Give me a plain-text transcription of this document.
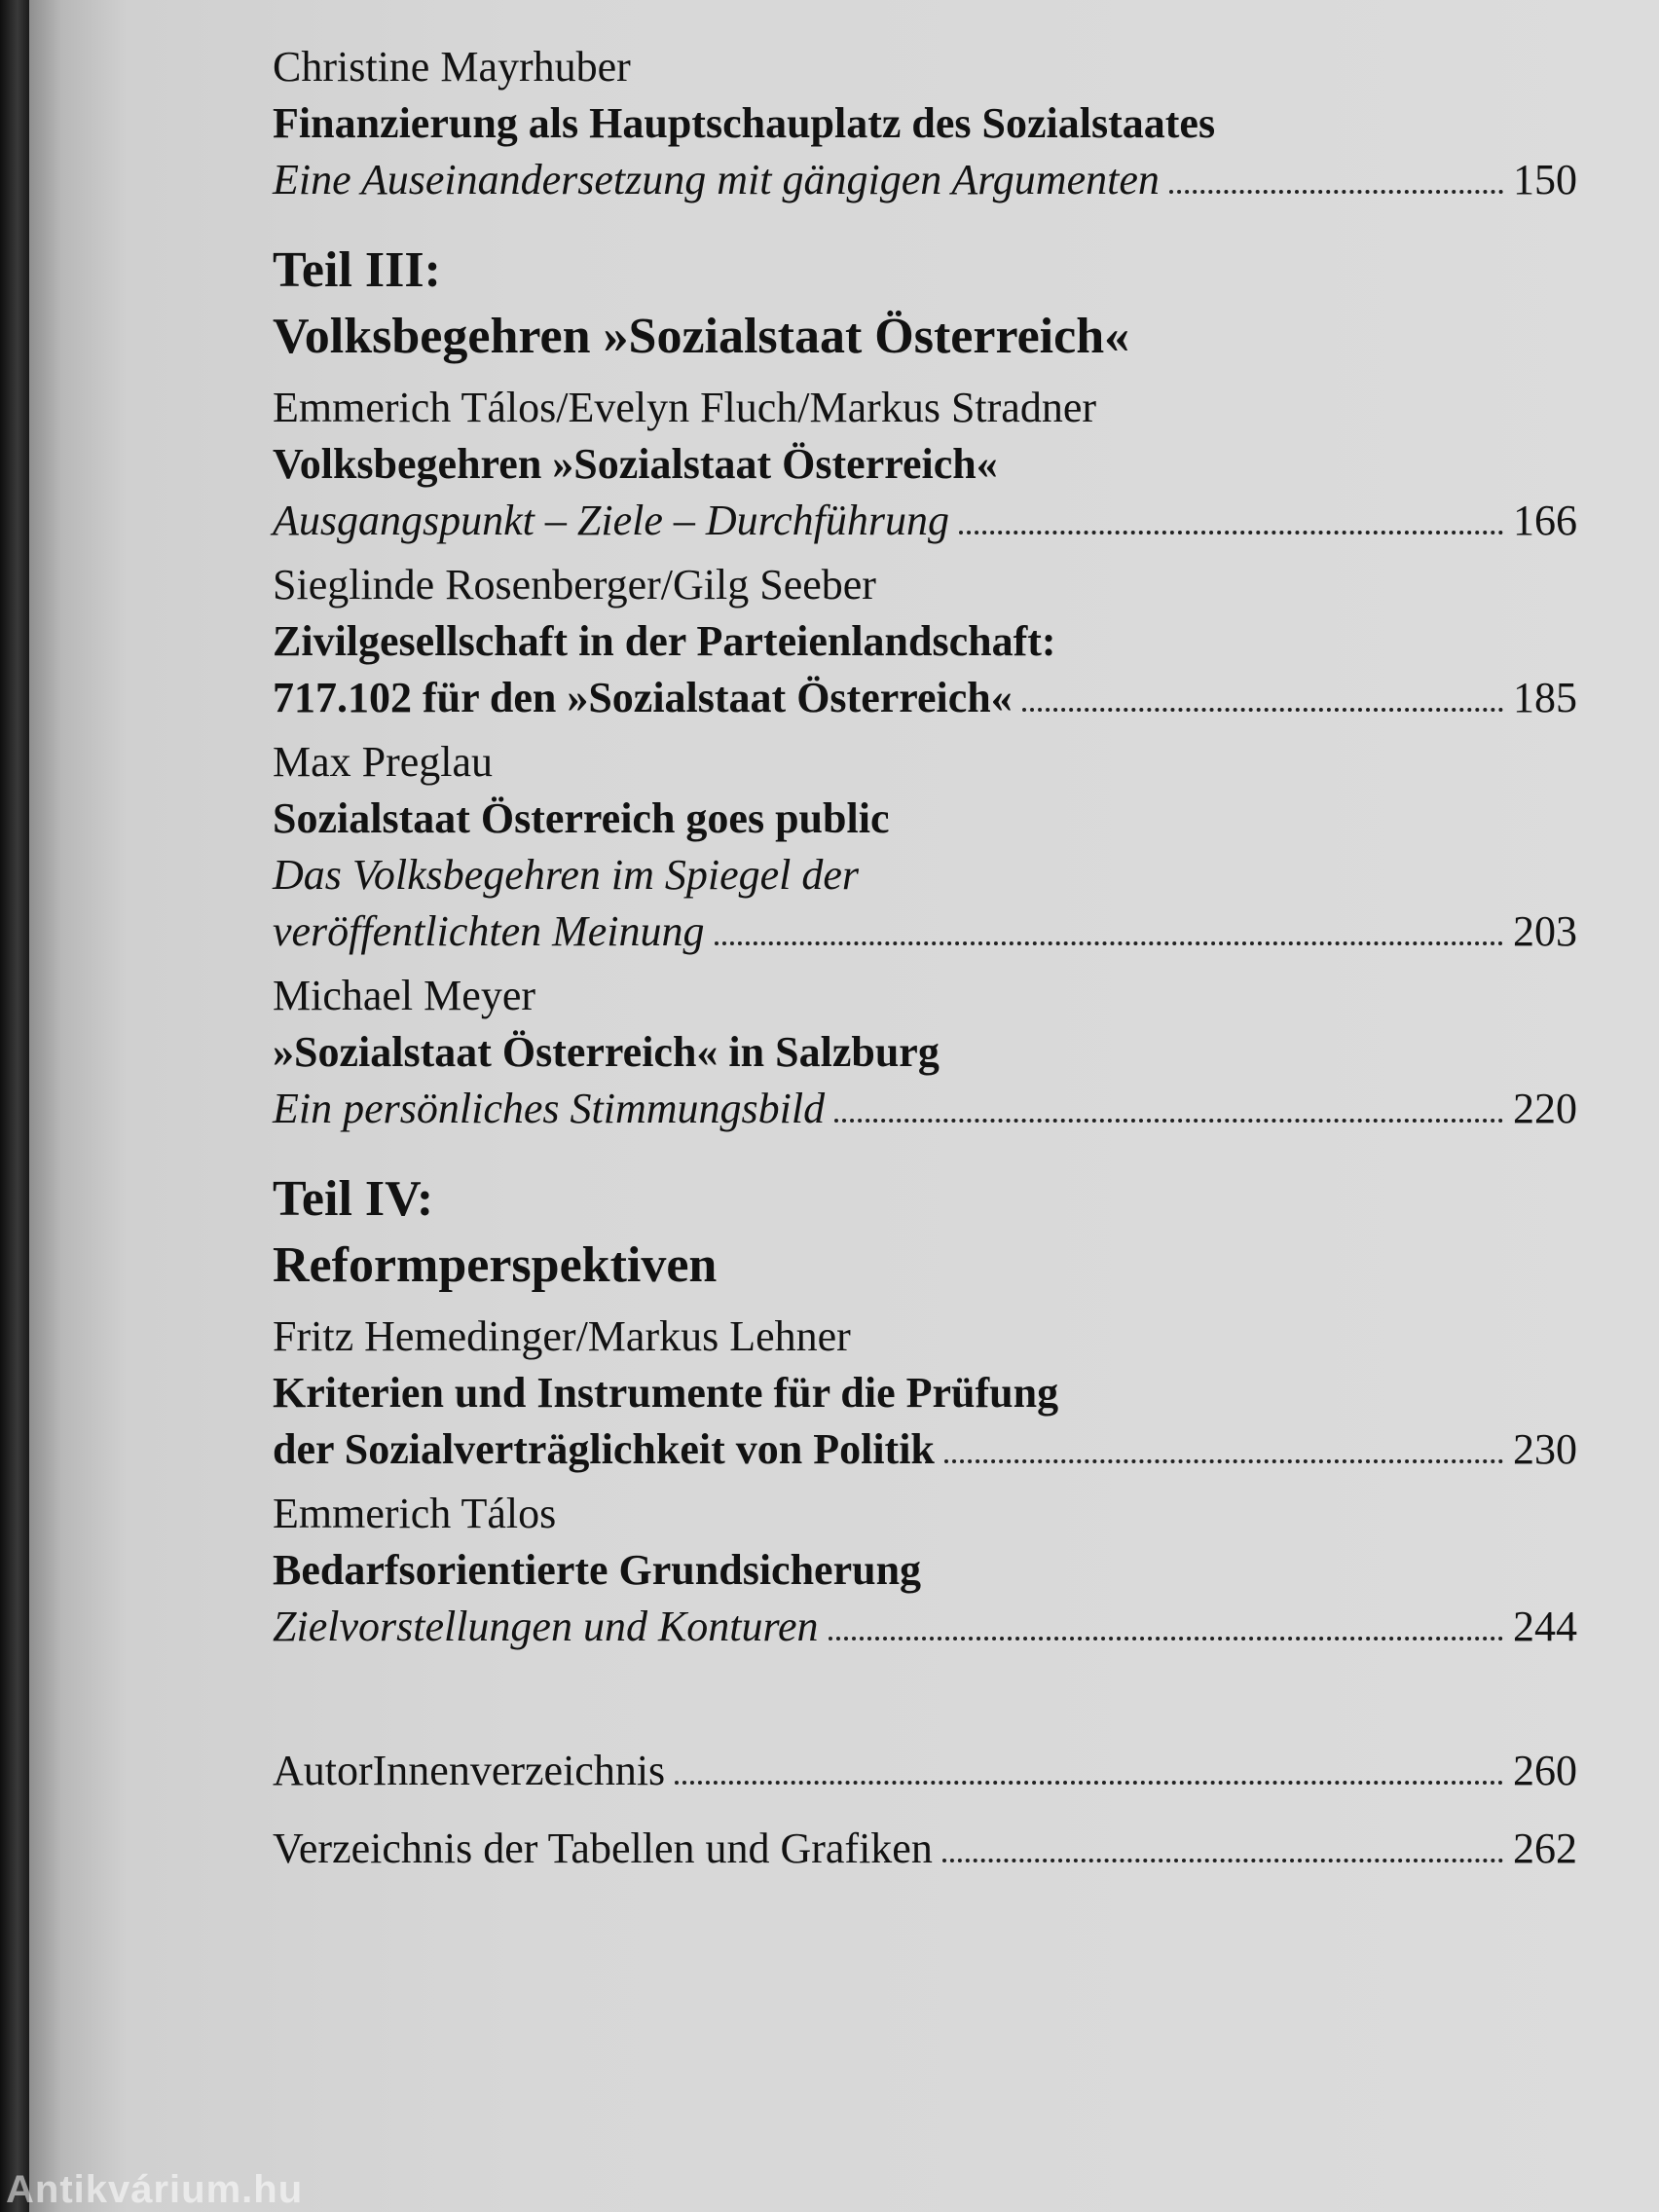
Christine Mayrhuber
Finanzierung als Hauptschauplatz des Sozialstaates
Eine Auseinandersetzung mit gängigen Argumenten	150
Teil III:
Volksbegehren »Sozialstaat Österreich«
Emmerich Tálos/Evelyn Fluch/Markus Stradner
Volksbegehren »Sozialstaat Österreich«
Ausgangspunkt – Ziele – Durchführung	166
Sieglinde Rosenberger/Gilg Seeber
Zivilgesellschaft in der Parteienlandschaft:
717.102 für den »Sozialstaat Österreich«	185
Max Preglau
Sozialstaat Österreich goes public
Das Volksbegehren im Spiegel der
veröffentlichten Meinung	203
Michael Meyer
»Sozialstaat Österreich« in Salzburg
Ein persönliches Stimmungsbild	220
Teil IV:
Reformperspektiven
Fritz Hemedinger/Markus Lehner
Kriterien und Instrumente für die Prüfung
der Sozialverträglichkeit von Politik	230
Emmerich Tálos
Bedarfsorientierte Grundsicherung
Zielvorstellungen und Konturen	244
AutorInnenverzeichnis	260
Verzeichnis der Tabellen und Grafiken	262
Antikvárium.hu
